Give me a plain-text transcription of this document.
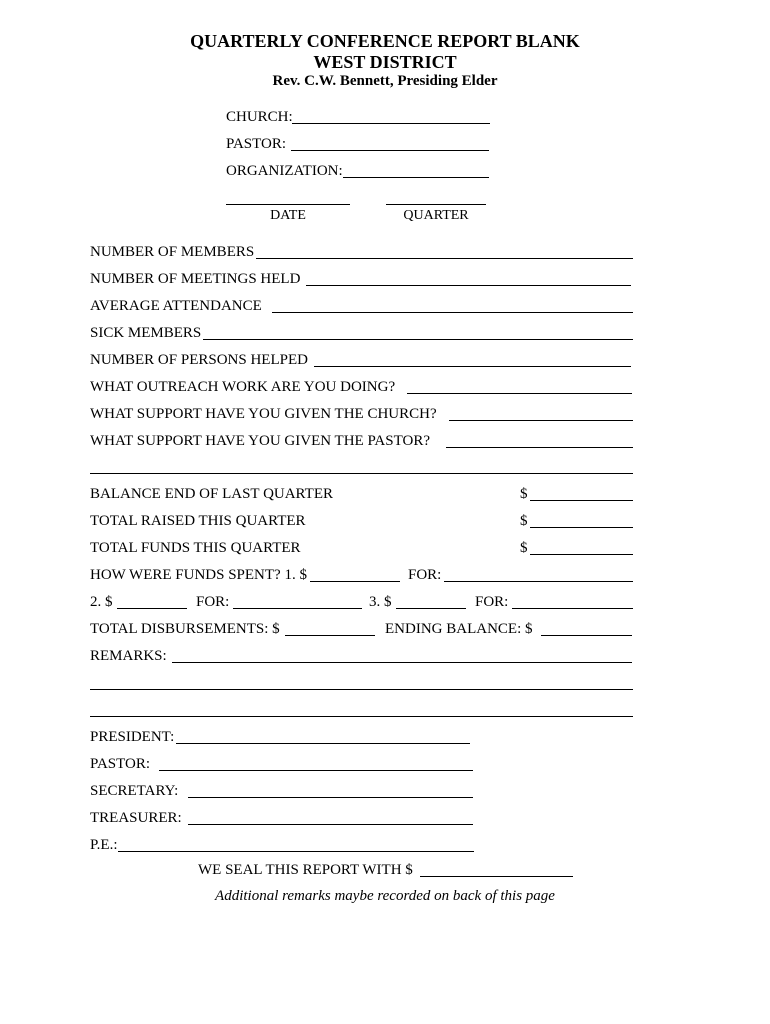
QUARTERLY CONFERENCE REPORT BLANK
WEST DISTRICT
Rev. C.W. Bennett, Presiding Elder
CHURCH:
PASTOR:
ORGANIZATION:
DATE	QUARTER
NUMBER OF MEMBERS
NUMBER OF MEETINGS HELD
AVERAGE ATTENDANCE
SICK MEMBERS
NUMBER OF PERSONS HELPED
WHAT OUTREACH WORK ARE YOU DOING?
WHAT SUPPORT HAVE YOU GIVEN THE CHURCH?
WHAT SUPPORT HAVE YOU GIVEN THE PASTOR?
BALANCE END OF LAST QUARTER	$
TOTAL RAISED THIS QUARTER	$
TOTAL FUNDS THIS QUARTER	$
HOW WERE FUNDS SPENT? 1. $	FOR:
2. $	FOR:	3. $	FOR:
TOTAL DISBURSEMENTS: $	ENDING BALANCE: $
REMARKS:
PRESIDENT:
PASTOR:
SECRETARY:
TREASURER:
P.E.:
WE SEAL THIS REPORT WITH $
Additional remarks maybe recorded on back of this page
